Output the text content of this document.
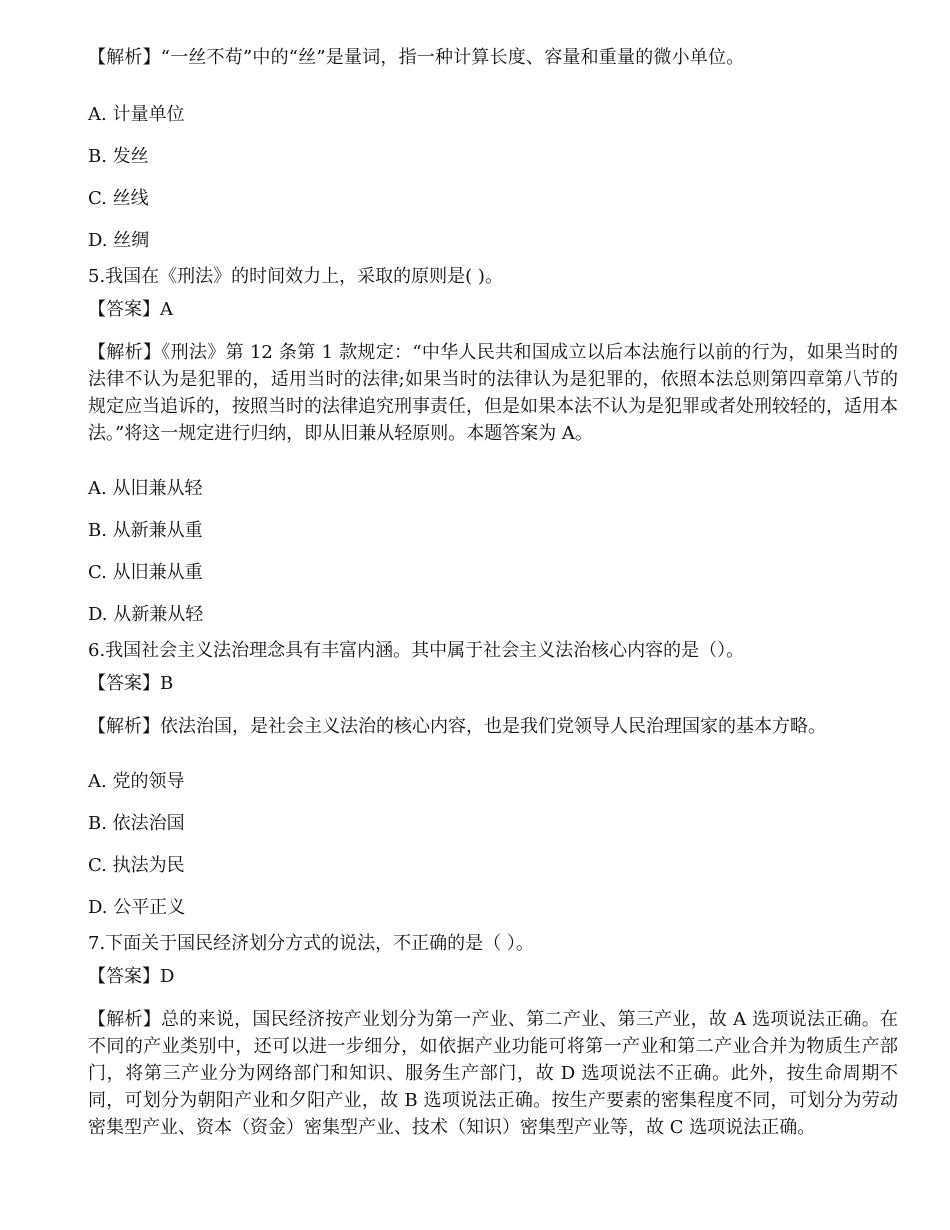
【解析】“一丝不苟”中的“丝”是量词，指一种计算长度、容量和重量的微小单位。

A. 计量单位

B. 发丝

C. 丝线

D. 丝绸

5.我国在《刑法》的时间效力上，采取的原则是( )。

【答案】A

【解析】《刑法》第 12 条第 1 款规定：“中华人民共和国成立以后本法施行以前的行为，如果当时的法律不认为是犯罪的，适用当时的法律;如果当时的法律认为是犯罪的，依照本法总则第四章第八节的规定应当追诉的，按照当时的法律追究刑事责任，但是如果本法不认为是犯罪或者处刑较轻的，适用本法。”将这一规定进行归纳，即从旧兼从轻原则。本题答案为 A。

A. 从旧兼从轻

B. 从新兼从重

C. 从旧兼从重

D. 从新兼从轻

6.我国社会主义法治理念具有丰富内涵。其中属于社会主义法治核心内容的是（）。

【答案】B

【解析】依法治国，是社会主义法治的核心内容，也是我们党领导人民治理国家的基本方略。

A. 党的领导

B. 依法治国

C. 执法为民

D. 公平正义

7.下面关于国民经济划分方式的说法，不正确的是（ ）。

【答案】D

【解析】总的来说，国民经济按产业划分为第一产业、第二产业、第三产业，故 A 选项说法正确。在不同的产业类别中，还可以进一步细分，如依据产业功能可将第一产业和第二产业合并为物质生产部门，将第三产业分为网络部门和知识、服务生产部门，故 D 选项说法不正确。此外，按生命周期不同，可划分为朝阳产业和夕阳产业，故 B 选项说法正确。按生产要素的密集程度不同，可划分为劳动密集型产业、资本（资金）密集型产业、技术（知识）密集型产业等，故 C 选项说法正确。
